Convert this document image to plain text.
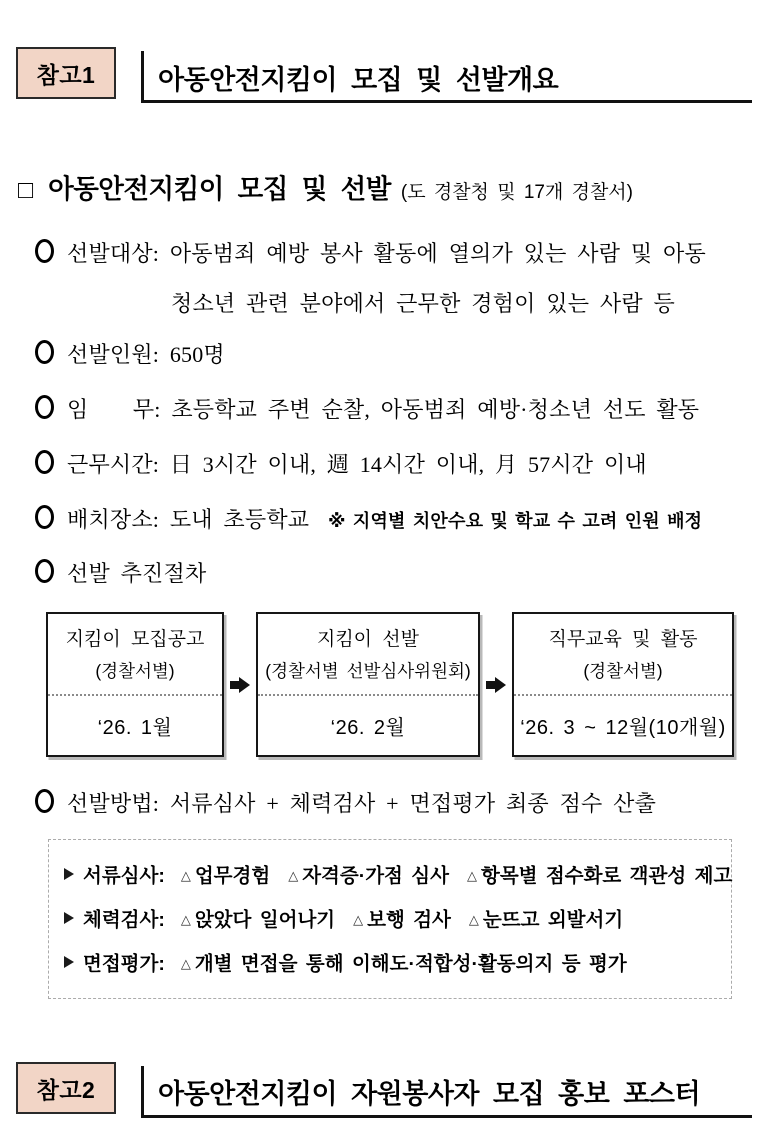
참고1 아동안전지킴이 모집 및 선발개요
□ 아동안전지킴이 모집 및 선발 (도 경찰청 및 17개 경찰서)
선발대상: 아동범죄 예방 봉사 활동에 열의가 있는 사람 및 아동
청소년 관련 분야에서 근무한 경험이 있는 사람 등
선발인원: 650명
임　　무: 초등학교 주변 순찰, 아동범죄 예방·청소년 선도 활동
근무시간: 日 3시간 이내, 週 14시간 이내, 月 57시간 이내
배치장소: 도내 초등학교 ※ 지역별 치안수요 및 학교 수 고려 인원 배정
선발 추진절차
지킴이 모집공고
(경찰서별)
‘26. 1월
지킴이 선발
(경찰서별 선발심사위원회)
‘26. 2월
직무교육 및 활동
(경찰서별)
‘26. 3 ~ 12월(10개월)
선발방법: 서류심사 + 체력검사 + 면접평가 최종 점수 산출
서류심사: △ 업무경험 △ 자격증·가점 심사 △ 항목별 점수화로 객관성 제고
체력검사: △ 앉았다 일어나기 △ 보행 검사 △ 눈뜨고 외발서기
면접평가: △ 개별 면접을 통해 이해도·적합성·활동의지 등 평가
참고2 아동안전지킴이 자원봉사자 모집 홍보 포스터
